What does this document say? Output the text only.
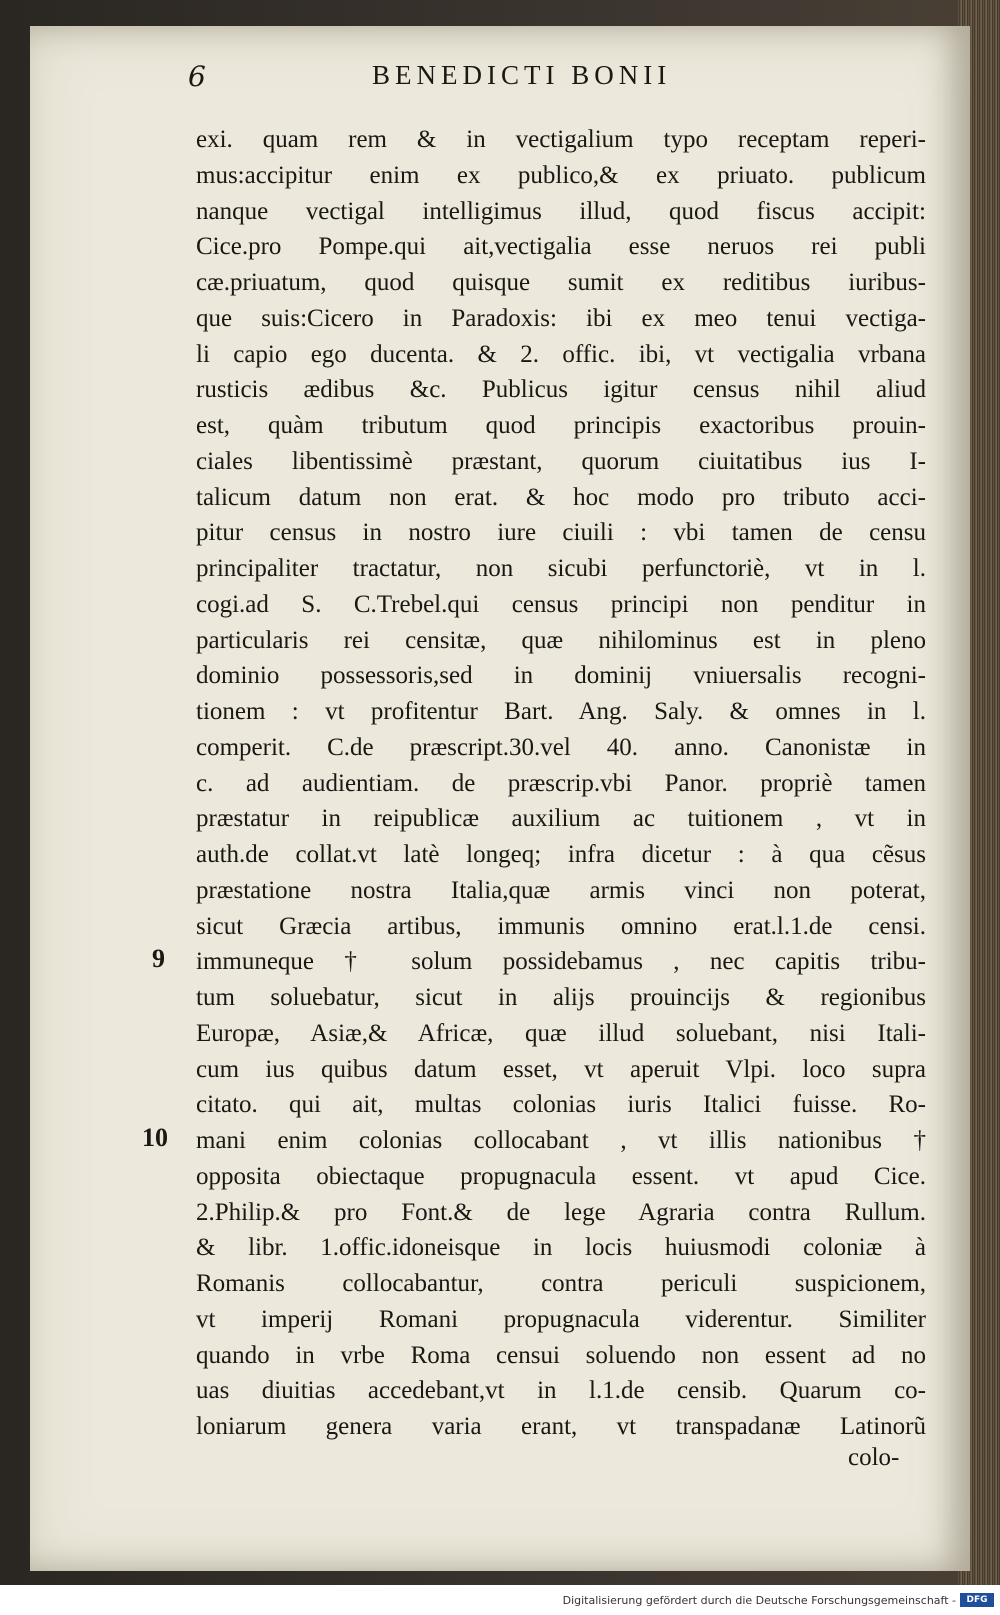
6	BENEDICTI BONII
exi. quam rem & in vectigalium typo receptam reperi-
mus:accipitur enim ex publico,& ex priuato. publicum
nanque vectigal intelligimus illud, quod fiscus accipit:
Cice.pro Pompe.qui ait,vectigalia esse neruos rei publi
cæ.priuatum, quod quisque sumit ex reditibus iuribus-
que suis:Cicero in Paradoxis: ibi ex meo tenui vectiga-
li capio ego ducenta. & 2. offic. ibi, vt vectigalia vrbana
rusticis ædibus &c. Publicus igitur census nihil aliud
est, quàm tributum quod principis exactoribus prouin-
ciales libentissimè præstant, quorum ciuitatibus ius I-
talicum datum non erat. & hoc modo pro tributo acci-
pitur census in nostro iure ciuili : vbi tamen de censu
principaliter tractatur, non sicubi perfunctoriè, vt in l.
cogi.ad S. C.Trebel.qui census principi non penditur in
particularis rei censitæ, quæ nihilominus est in pleno
dominio possessoris,sed in dominij vniuersalis recogni-
tionem : vt profitentur Bart. Ang. Saly. & omnes in l.
comperit. C.de præscript.30.vel 40. anno. Canonistæ in
c. ad audientiam. de præscrip.vbi Panor. propriè tamen
præstatur in reipublicæ auxilium ac tuitionem , vt in
auth.de collat.vt latè longeq; infra dicetur : à qua cẽsus
præstatione nostra Italia,quæ armis vinci non poterat,
sicut Græcia artibus, immunis omnino erat.l.1.de censi.
immuneque † solum possidebamus , nec capitis tribu-
tum soluebatur, sicut in alijs prouincijs & regionibus
Europæ, Asiæ,& Africæ, quæ illud soluebant, nisi Itali-
cum ius quibus datum esset, vt aperuit Vlpi. loco supra
citato. qui ait, multas colonias iuris Italici fuisse. Ro-
mani enim colonias collocabant , vt illis nationibus †
opposita obiectaque propugnacula essent. vt apud Cice.
2.Philip.& pro Font.& de lege Agraria contra Rullum.
& libr. 1.offic.idoneisque in locis huiusmodi coloniæ à
Romanis collocabantur, contra periculi suspicionem,
vt imperij Romani propugnacula viderentur. Similiter
quando in vrbe Roma censui soluendo non essent ad no
uas diuitias accedebant,vt in l.1.de censib. Quarum co-
loniarum genera varia erant, vt transpadanæ Latinorũ
9
10
colo-
Digitalisierung gefördert durch die Deutsche Forschungsgemeinschaft -	DFG
